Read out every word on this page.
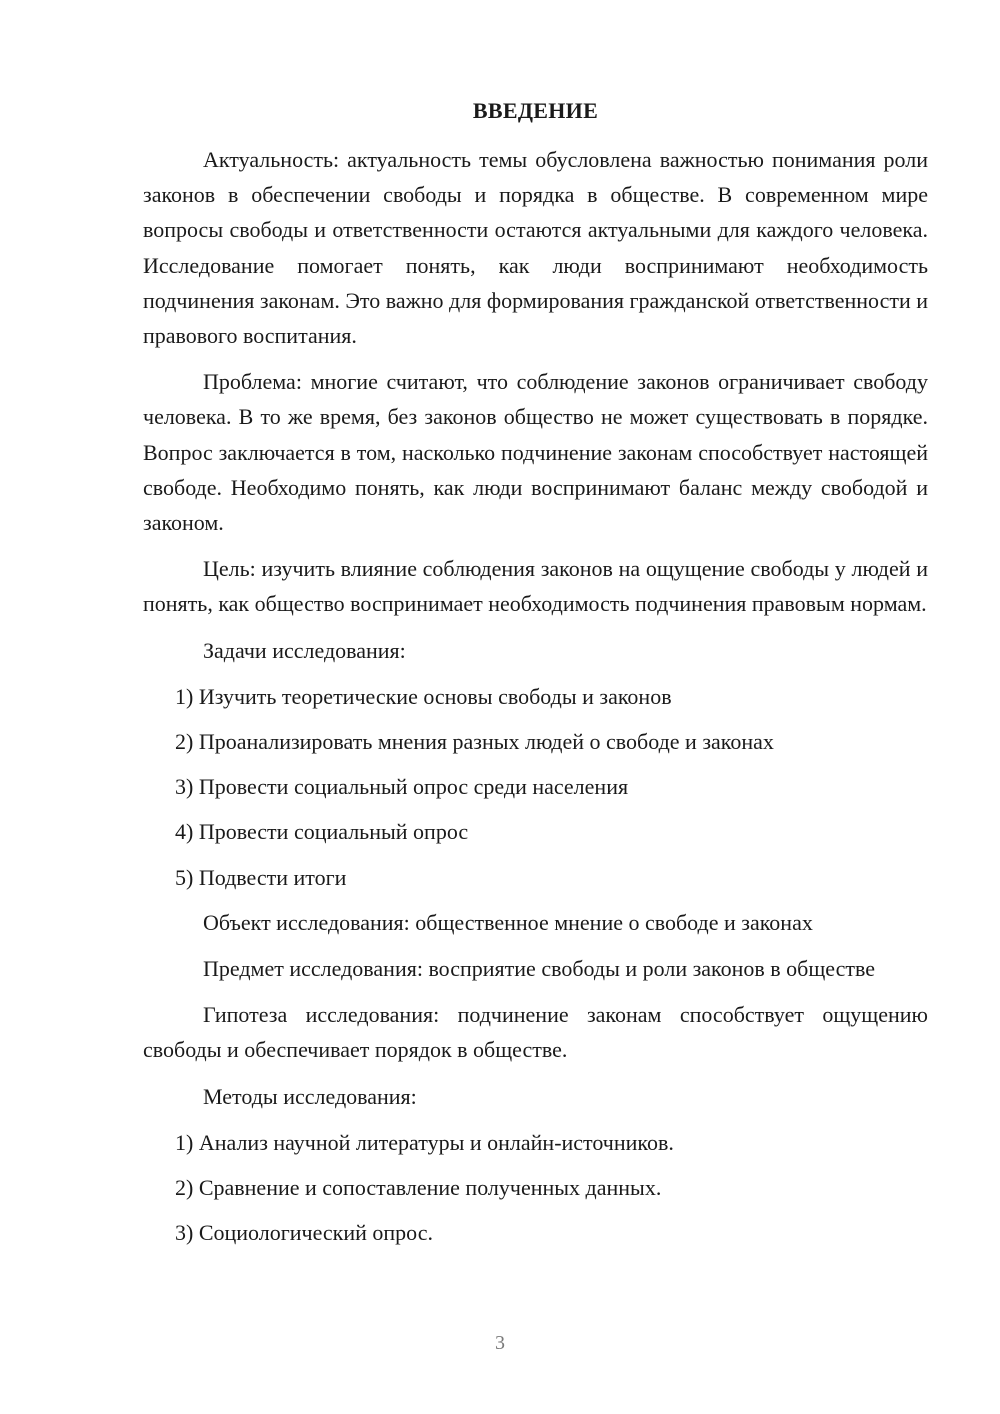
ВВЕДЕНИЕ

Актуальность: актуальность темы обусловлена важностью понимания роли законов в обеспечении свободы и порядка в обществе. В современном мире вопросы свободы и ответственности остаются актуальными для каждого человека. Исследование помогает понять, как люди воспринимают необходимость подчинения законам. Это важно для формирования гражданской ответственности и правового воспитания.

Проблема: многие считают, что соблюдение законов ограничивает свободу человека. В то же время, без законов общество не может существовать в порядке. Вопрос заключается в том, насколько подчинение законам способствует настоящей свободе. Необходимо понять, как люди воспринимают баланс между свободой и законом.

Цель: изучить влияние соблюдения законов на ощущение свободы у людей и понять, как общество воспринимает необходимость подчинения правовым нормам.

Задачи исследования:

1) Изучить теоретические основы свободы и законов
2) Проанализировать мнения разных людей о свободе и законах
3) Провести социальный опрос среди населения
4) Провести социальный опрос
5) Подвести итоги

Объект исследования: общественное мнение о свободе и законах

Предмет исследования: восприятие свободы и роли законов в обществе

Гипотеза исследования: подчинение законам способствует ощущению свободы и обеспечивает порядок в обществе.

Методы исследования:

1) Анализ научной литературы и онлайн-источников.
2) Сравнение и сопоставление полученных данных.
3) Социологический опрос.
3
